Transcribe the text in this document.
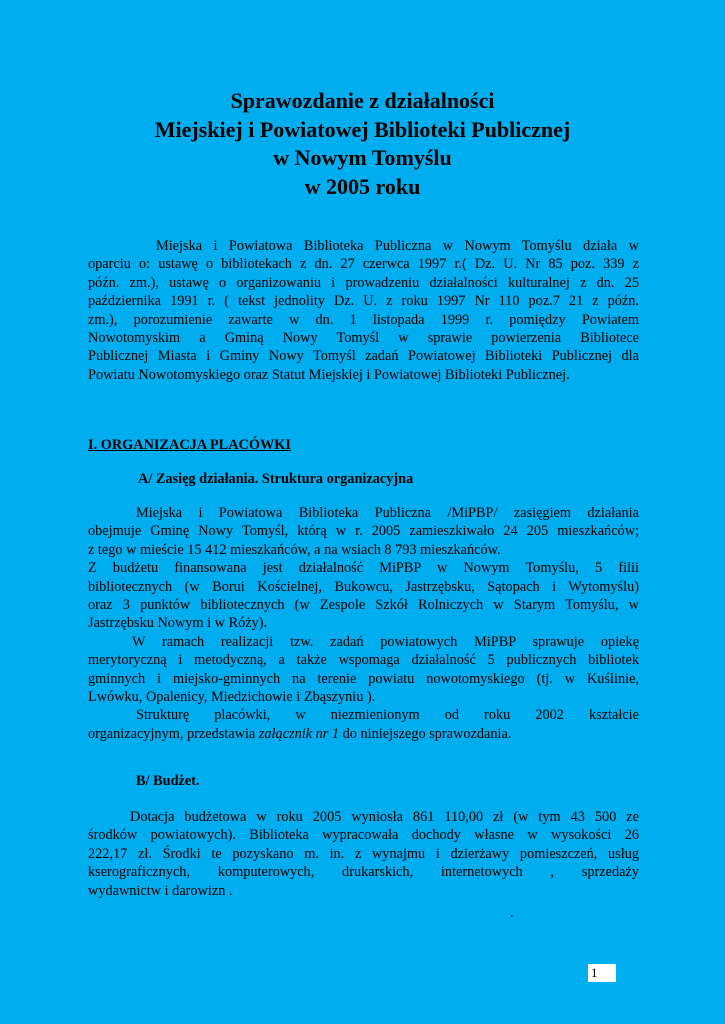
Sprawozdanie z działalności
Miejskiej i Powiatowej Biblioteki Publicznej
w Nowym Tomyślu
w 2005 roku
Miejska i Powiatowa Biblioteka Publiczna w Nowym Tomyślu działa w
oparciu o: ustawę o bibliotekach z dn. 27 czerwca 1997 r.( Dz. U. Nr 85 poz. 339 z
późn. zm.), ustawę o organizowaniu i prowadzeniu działalności kulturalnej z dn. 25
października 1991 r. ( tekst jednolity Dz. U. z roku 1997 Nr 110 poz.7 21 z późn.
zm.), porozumienie zawarte w dn. 1 listopada 1999 r. pomiędzy Powiatem
Nowotomyskim a Gminą Nowy Tomyśl w sprawie powierzenia Bibliotece
Publicznej Miasta i Gminy Nowy Tomyśl zadań Powiatowej Biblioteki Publicznej dla
Powiatu Nowotomyskiego oraz Statut Miejskiej i Powiatowej Biblioteki Publicznej.
I. ORGANIZACJA PLACÓWKI
A/ Zasięg działania. Struktura organizacyjna
Miejska i Powiatowa Biblioteka Publiczna /MiPBP/ zasięgiem działania
obejmuje Gminę Nowy Tomyśl, którą w r. 2005 zamieszkiwało 24 205 mieszkańców;
z tego w mieście 15 412 mieszkańców, a na wsiach 8 793 mieszkańców.
Z budżetu finansowana jest działalność MiPBP w Nowym Tomyślu, 5 filii
bibliotecznych (w Borui Kościelnej, Bukowcu, Jastrzębsku, Sątopach i Wytomyślu)
oraz 3 punktów bibliotecznych (w Zespole Szkół Rolniczych w Starym Tomyślu, w
Jastrzębsku Nowym i w Róży).
W ramach realizacji tzw. zadań powiatowych MiPBP sprawuje opiekę
merytoryczną i metodyczną, a także wspomaga działalność 5 publicznych bibliotek
gminnych i miejsko-gminnych na terenie powiatu nowotomyskiego (tj. w Kuślinie,
Lwówku, Opalenicy, Miedzichowie i Zbąszyniu ).
Strukturę placówki, w niezmienionym od roku 2002 kształcie
organizacyjnym, przedstawia załącznik nr 1 do niniejszego sprawozdania.
B/ Budżet.
Dotacja budżetowa w roku 2005 wyniosła 861 110,00 zł (w tym 43 500 ze
środków powiatowych). Biblioteka wypracowała dochody własne w wysokości 26
222,17 zł. Środki te pozyskano m. in. z wynajmu i dzierżawy pomieszczeń, usług
kserograficznych, komputerowych, drukarskich, internetowych , sprzedaży
wydawnictw i darowizn .
.
1
